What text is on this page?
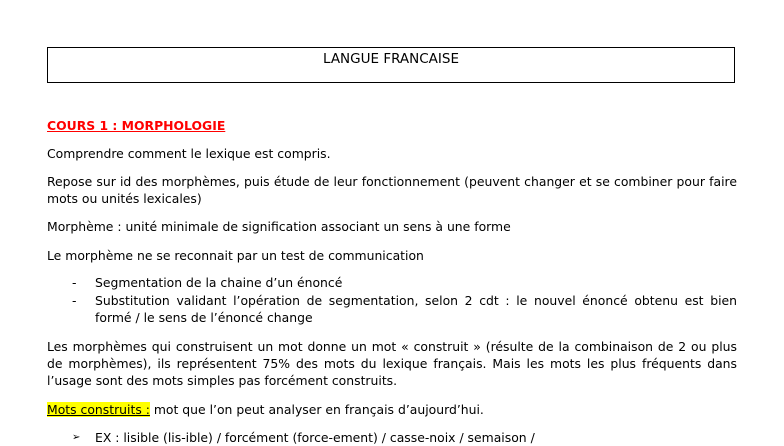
LANGUE FRANCAISE

COURS 1 : MORPHOLOGIE

Comprendre comment le lexique est compris.

Repose sur id des morphèmes, puis étude de leur fonctionnement (peuvent changer et se combiner pour faire mots ou unités lexicales)

Morphème : unité minimale de signification associant un sens à une forme

Le morphème ne se reconnait par un test de communication

- Segmentation de la chaine d’un énoncé
- Substitution validant l’opération de segmentation, selon 2 cdt : le nouvel énoncé obtenu est bien formé / le sens de l’énoncé change

Les morphèmes qui construisent un mot donne un mot « construit » (résulte de la combinaison de 2 ou plus de morphèmes), ils représentent 75% des mots du lexique français. Mais les mots les plus fréquents dans l’usage sont des mots simples pas forcément construits.

Mots construits : mot que l’on peut analyser en français d’aujourd’hui.

➢ EX : lisible (lis-ible) / forcément (force-ement) / casse-noix / semaison /
